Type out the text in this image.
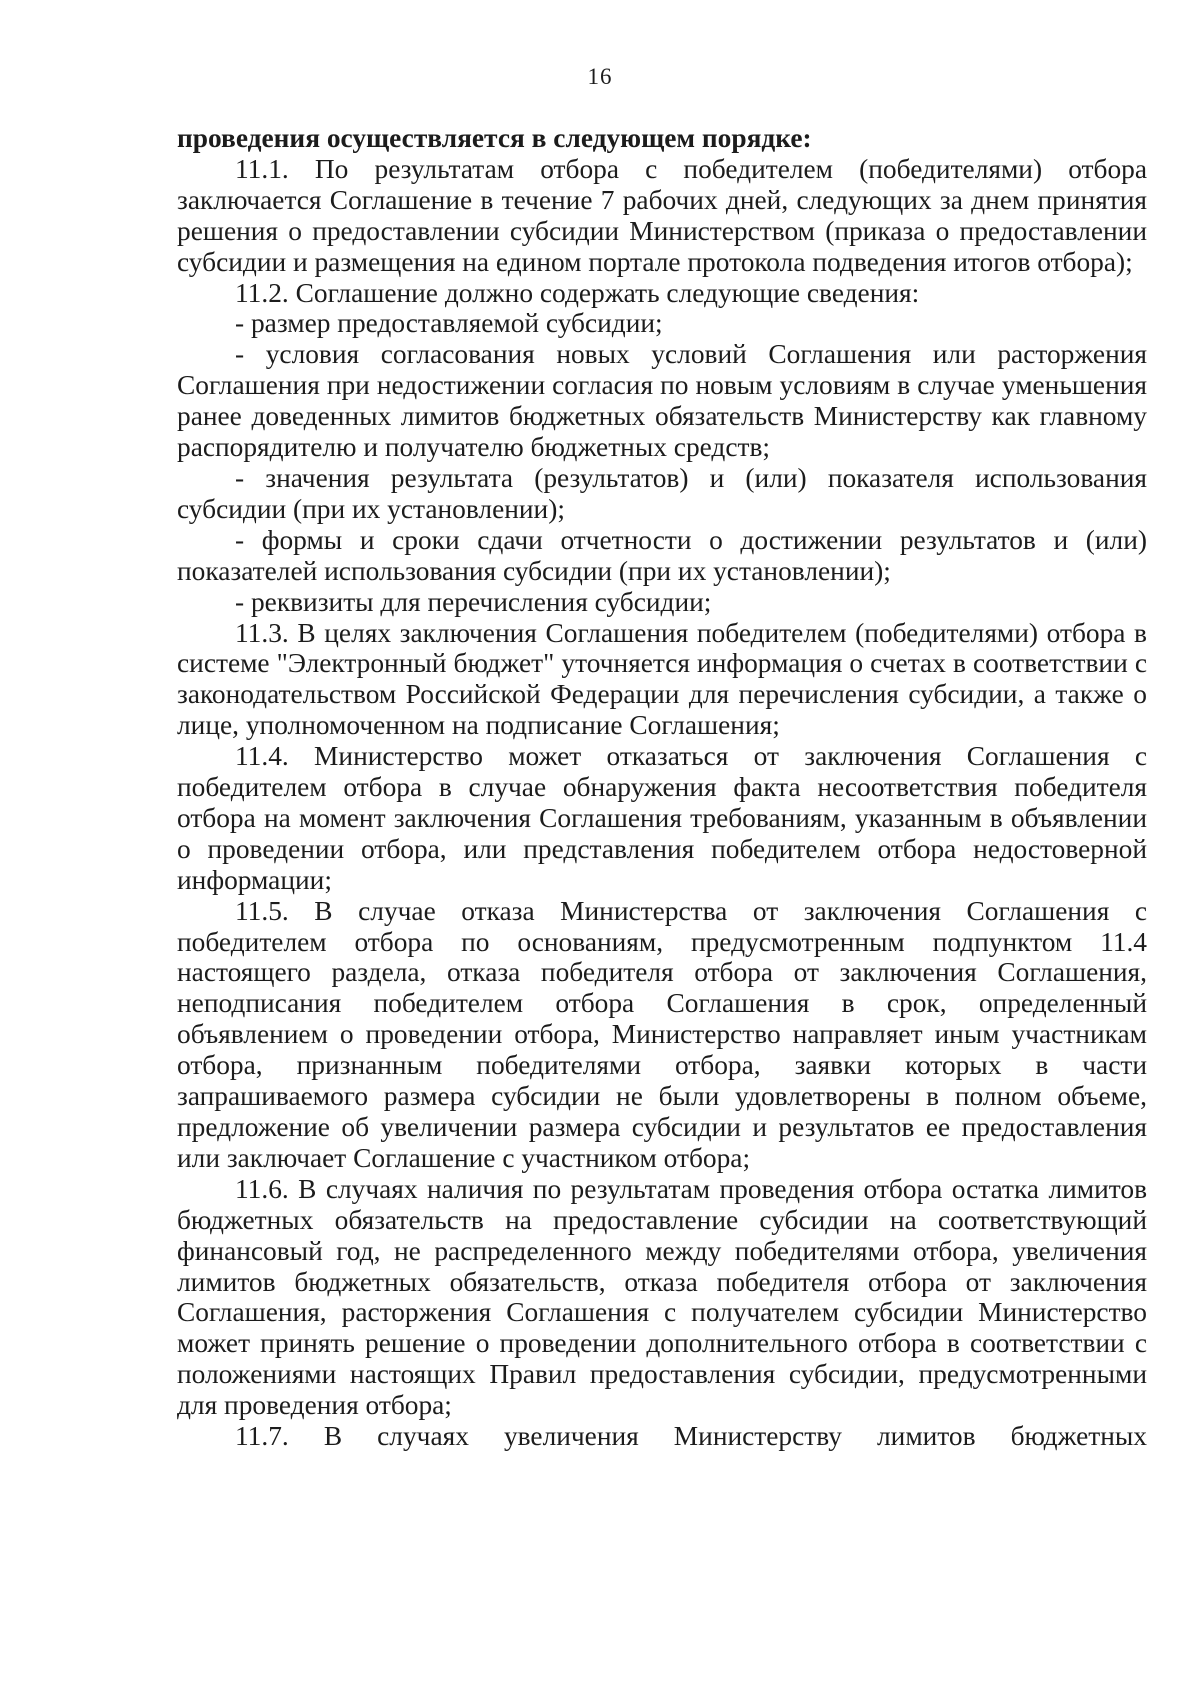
16

проведения осуществляется в следующем порядке:

11.1. По результатам отбора с победителем (победителями) отбора заключается Соглашение в течение 7 рабочих дней, следующих за днем принятия решения о предоставлении субсидии Министерством (приказа о предоставлении субсидии и размещения на едином портале протокола подведения итогов отбора);

11.2. Соглашение должно содержать следующие сведения:

- размер предоставляемой субсидии;

- условия согласования новых условий Соглашения или расторжения Соглашения при недостижении согласия по новым условиям в случае уменьшения ранее доведенных лимитов бюджетных обязательств Министерству как главному распорядителю и получателю бюджетных средств;

- значения результата (результатов) и (или) показателя использования субсидии (при их установлении);

- формы и сроки сдачи отчетности о достижении результатов и (или) показателей использования субсидии (при их установлении);

- реквизиты для перечисления субсидии;

11.3. В целях заключения Соглашения победителем (победителями) отбора в системе "Электронный бюджет" уточняется информация о счетах в соответствии с законодательством Российской Федерации для перечисления субсидии, а также о лице, уполномоченном на подписание Соглашения;

11.4. Министерство может отказаться от заключения Соглашения с победителем отбора в случае обнаружения факта несоответствия победителя отбора на момент заключения Соглашения требованиям, указанным в объявлении о проведении отбора, или представления победителем отбора недостоверной информации;

11.5. В случае отказа Министерства от заключения Соглашения с победителем отбора по основаниям, предусмотренным подпунктом 11.4 настоящего раздела, отказа победителя отбора от заключения Соглашения, неподписания победителем отбора Соглашения в срок, определенный объявлением о проведении отбора, Министерство направляет иным участникам отбора, признанным победителями отбора, заявки которых в части запрашиваемого размера субсидии не были удовлетворены в полном объеме, предложение об увеличении размера субсидии и результатов ее предоставления или заключает Соглашение с участником отбора;

11.6. В случаях наличия по результатам проведения отбора остатка лимитов бюджетных обязательств на предоставление субсидии на соответствующий финансовый год, не распределенного между победителями отбора, увеличения лимитов бюджетных обязательств, отказа победителя отбора от заключения Соглашения, расторжения Соглашения с получателем субсидии Министерство может принять решение о проведении дополнительного отбора в соответствии с положениями настоящих Правил предоставления субсидии, предусмотренными для проведения отбора;

11.7. В случаях увеличения Министерству лимитов бюджетных
